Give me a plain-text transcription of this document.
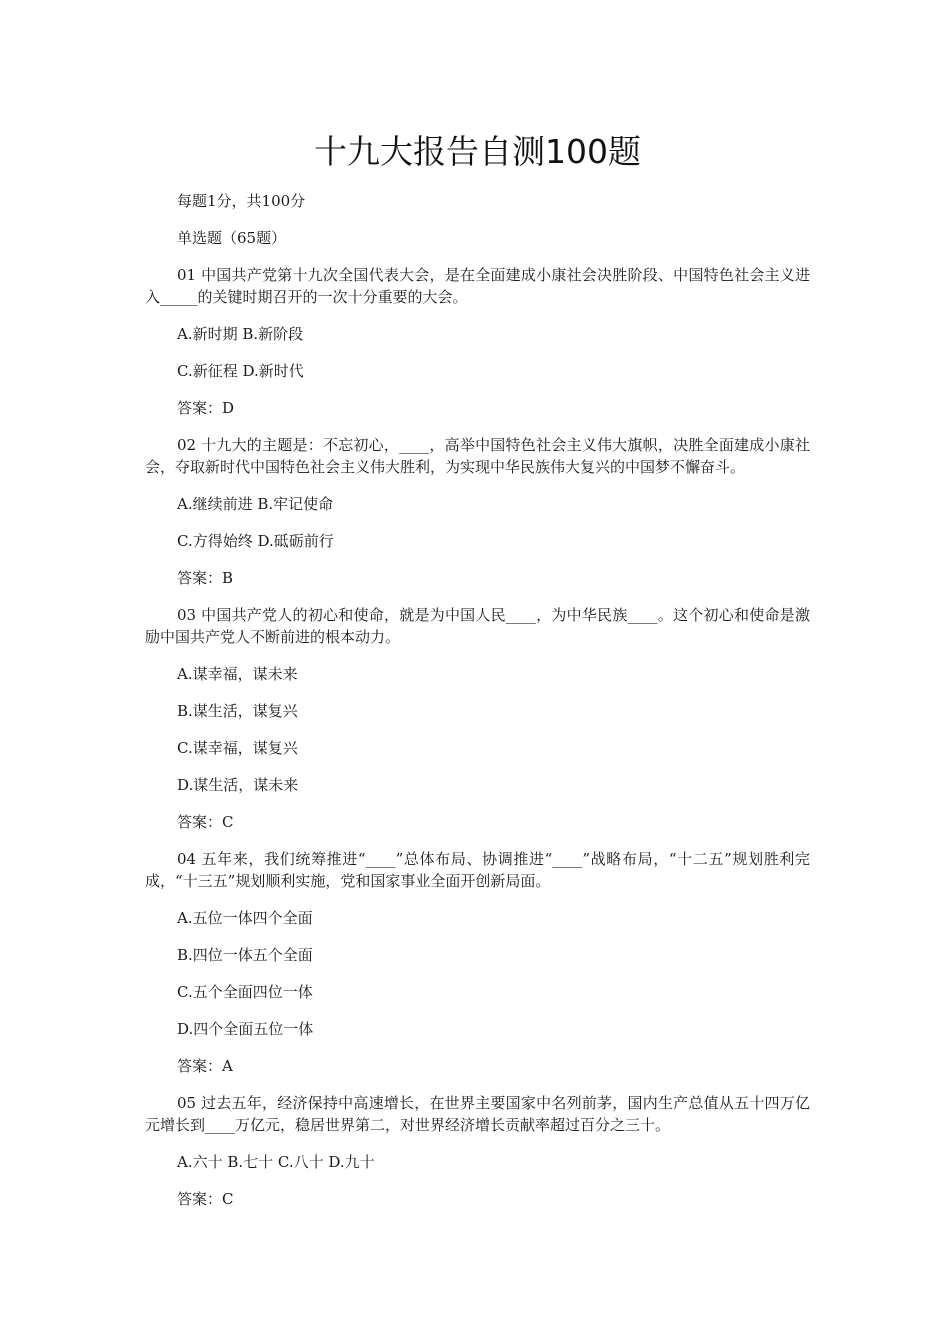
十九大报告自测100题

每题1分，共100分

单选题（65题）

01 中国共产党第十九次全国代表大会，是在全面建成小康社会决胜阶段、中国特色社会主义进入_____的关键时期召开的一次十分重要的大会。

A.新时期 B.新阶段

C.新征程 D.新时代

答案：D

02 十九大的主题是：不忘初心，____，高举中国特色社会主义伟大旗帜，决胜全面建成小康社会，夺取新时代中国特色社会主义伟大胜利，为实现中华民族伟大复兴的中国梦不懈奋斗。

A.继续前进 B.牢记使命

C.方得始终 D.砥砺前行

答案：B

03 中国共产党人的初心和使命，就是为中国人民____，为中华民族____。这个初心和使命是激励中国共产党人不断前进的根本动力。

A.谋幸福，谋未来

B.谋生活，谋复兴

C.谋幸福，谋复兴

D.谋生活，谋未来

答案：C

04 五年来，我们统筹推进“____”总体布局、协调推进“____”战略布局，“十二五”规划胜利完成，“十三五”规划顺利实施，党和国家事业全面开创新局面。

A.五位一体四个全面

B.四位一体五个全面

C.五个全面四位一体

D.四个全面五位一体

答案：A

05 过去五年，经济保持中高速增长，在世界主要国家中名列前茅，国内生产总值从五十四万亿元增长到____万亿元，稳居世界第二，对世界经济增长贡献率超过百分之三十。

A.六十 B.七十 C.八十 D.九十

答案：C
